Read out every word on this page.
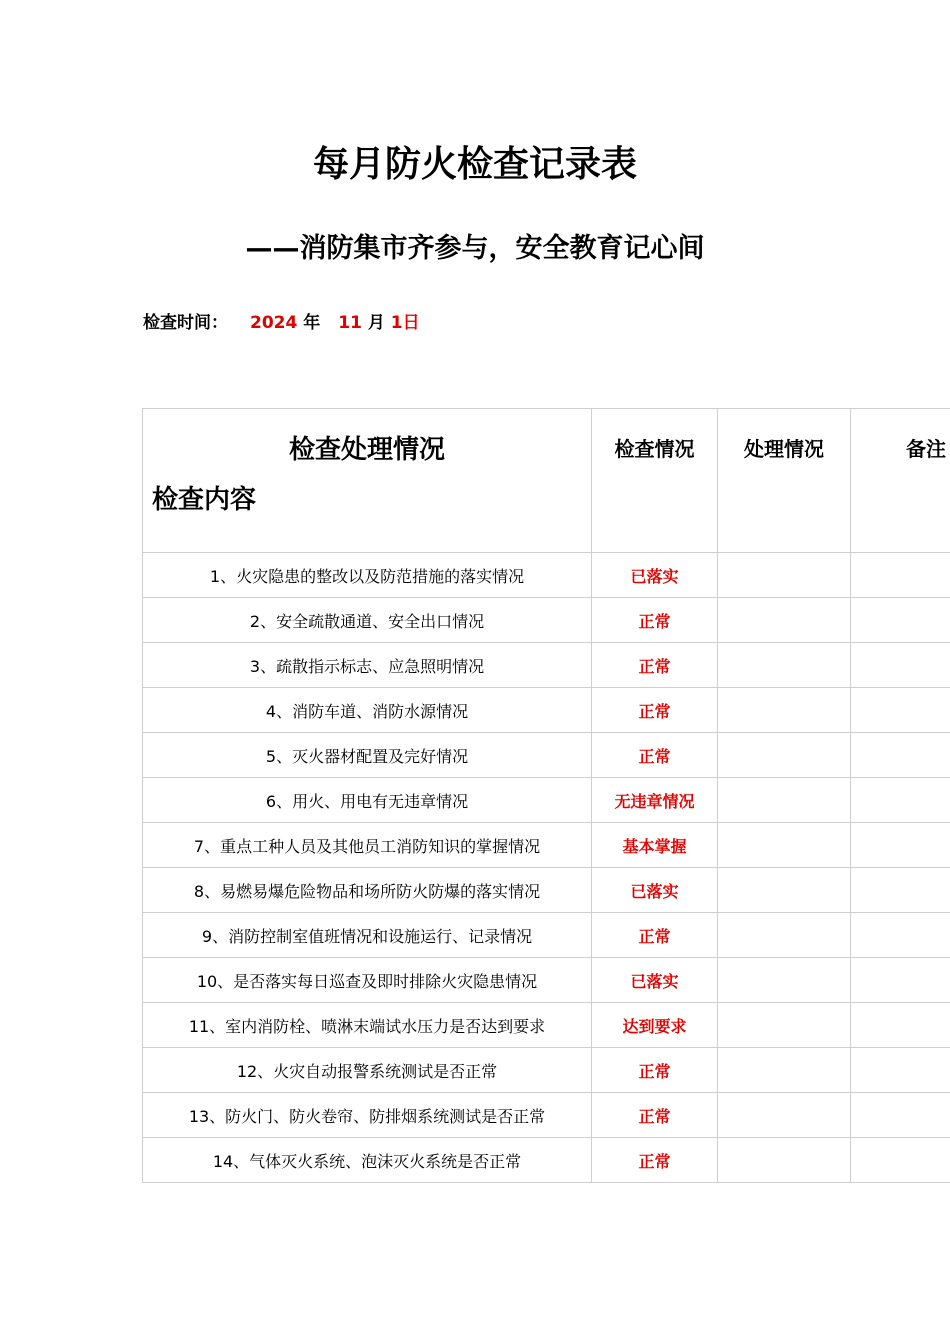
每月防火检查记录表
——消防集市齐参与，安全教育记心间
检查时间： 2024 年 11 月 1日
检查处理情况
检查内容	检查情况	处理情况	备注
1、火灾隐患的整改以及防范措施的落实情况	已落实		
2、安全疏散通道、安全出口情况	正常		
3、疏散指示标志、应急照明情况	正常		
4、消防车道、消防水源情况	正常		
5、灭火器材配置及完好情况	正常		
6、用火、用电有无违章情况	无违章情况		
7、重点工种人员及其他员工消防知识的掌握情况	基本掌握		
8、易燃易爆危险物品和场所防火防爆的落实情况	已落实		
9、消防控制室值班情况和设施运行、记录情况	正常		
10、是否落实每日巡查及即时排除火灾隐患情况	已落实		
11、室内消防栓、喷淋末端试水压力是否达到要求	达到要求		
12、火灾自动报警系统测试是否正常	正常		
13、防火门、防火卷帘、防排烟系统测试是否正常	正常		
14、气体灭火系统、泡沫灭火系统是否正常	正常		
